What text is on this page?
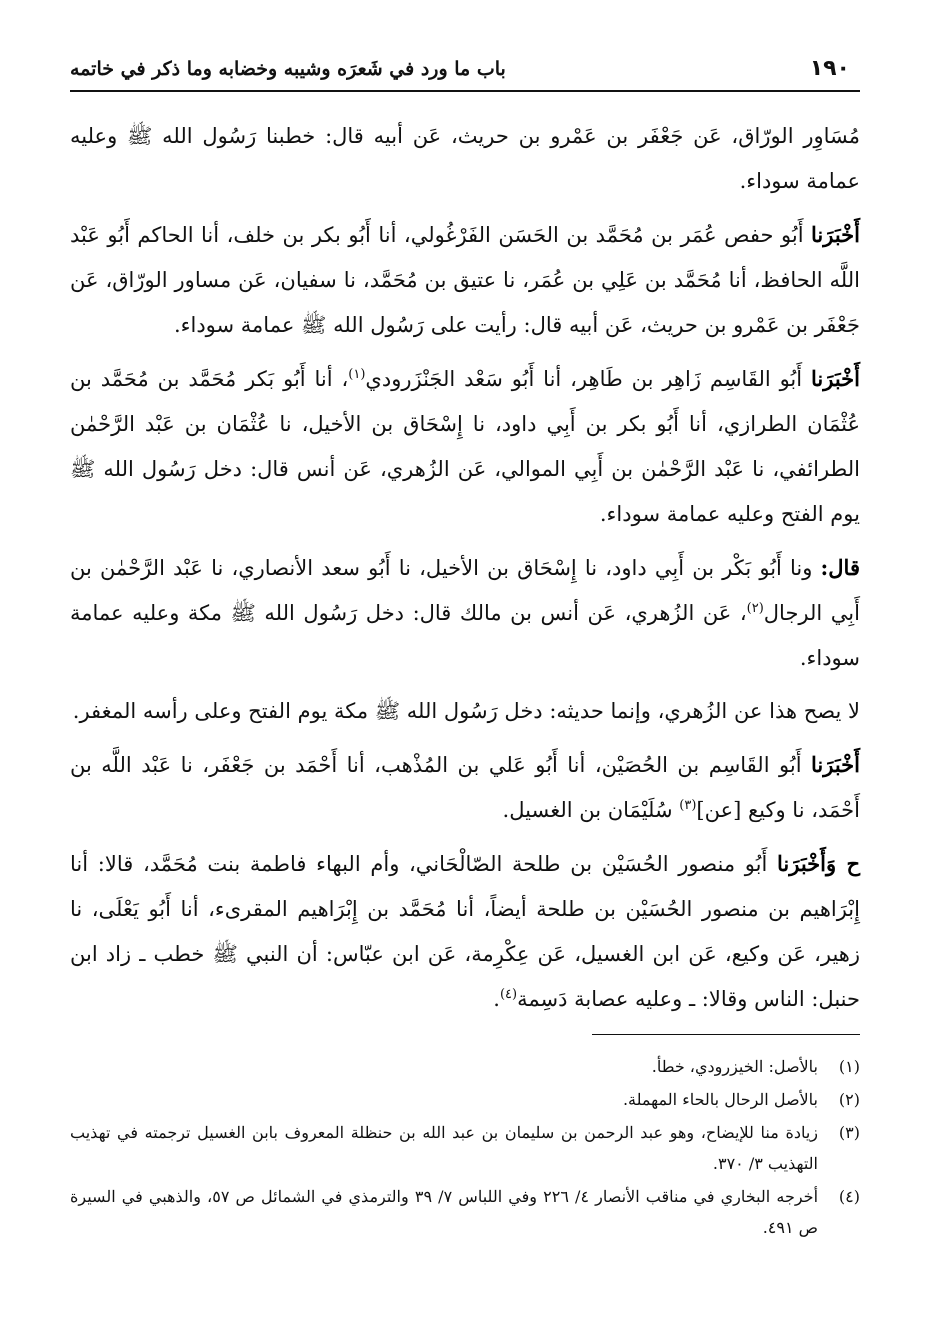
١٩٠
باب ما ورد في شَعرَه وشيبه وخضابه وما ذكر في خاتمه

مُسَاوِر الورّاق، عَن جَعْفَر بن عَمْرو بن حريث، عَن أبيه قال: خطبنا رَسُول الله ﷺ وعليه عمامة سوداء.

أَخْبَرَنا أَبُو حفص عُمَر بن مُحَمَّد بن الحَسَن الفَرْغُولي، أنا أَبُو بكر بن خلف، أنا الحاكم أَبُو عَبْد اللَّه الحافظ، أنا مُحَمَّد بن عَلِي بن عُمَر، نا عتيق بن مُحَمَّد، نا سفيان، عَن مساور الورّاق، عَن جَعْفَر بن عَمْرو بن حريث، عَن أبيه قال: رأيت على رَسُول الله ﷺ عمامة سوداء.

أَخْبَرَنا أَبُو القَاسِم زَاهِر بن طَاهِر، أنا أَبُو سَعْد الجَنْزَرودي$^{(١)}$، أنا أَبُو بَكر مُحَمَّد بن مُحَمَّد بن عُثْمَان الطرازي، أنا أَبُو بكر بن أَبِي داود، نا إِسْحَاق بن الأخيل، نا عُثْمَان بن عَبْد الرَّحْمٰن الطرائفي، نا عَبْد الرَّحْمٰن بن أَبِي الموالي، عَن الزُهري، عَن أنس قال: دخل رَسُول الله ﷺ يوم الفتح وعليه عمامة سوداء.

قال: ونا أَبُو بَكْر بن أَبِي داود، نا إِسْحَاق بن الأخيل، نا أَبُو سعد الأنصاري، نا عَبْد الرَّحْمٰن بن أَبِي الرجال$^{(٢)}$، عَن الزُهري، عَن أنس بن مالك قال: دخل رَسُول الله ﷺ مكة وعليه عمامة سوداء.

لا يصح هذا عن الزُهري، وإنما حديثه: دخل رَسُول الله ﷺ مكة يوم الفتح وعلى رأسه المغفر.

أَخْبَرَنا أَبُو القَاسِم بن الحُصَيْن، أنا أَبُو عَلي بن المُذْهب، أنا أَحْمَد بن جَعْفَر، نا عَبْد اللَّه بن أَحْمَد، نا وكيع [عن]$^{(٣)}$ سُلَيْمَان بن الغسيل.

ح وَأَخْبَرَنا أَبُو منصور الحُسَيْن بن طلحة الصّالْحَاني، وأم البهاء فاطمة بنت مُحَمَّد، قالا: أنا إِبْرَاهيم بن منصور الحُسَيْن بن طلحة أيضاً، أنا مُحَمَّد بن إِبْرَاهيم المقرىء، أنا أَبُو يَعْلَى، نا زهير، عَن وكيع، عَن ابن الغسيل، عَن عِكْرِمة، عَن ابن عبّاس: أن النبي ﷺ خطب ـ زاد ابن حنبل: الناس وقالا: ـ وعليه عصابة دَسِمة$^{(٤)}$.

(١)
بالأصل: الخيزرودي، خطأ.
(٢)
بالأصل الرحال بالحاء المهملة.
(٣)
زيادة منا للإيضاح، وهو عبد الرحمن بن سليمان بن عبد الله بن حنظلة المعروف بابن الغسيل ترجمته في تهذيب التهذيب ٣/ ٣٧٠.
(٤)
أخرجه البخاري في مناقب الأنصار ٤/ ٢٢٦ وفي اللباس ٧/ ٣٩ والترمذي في الشمائل ص ٥٧، والذهبي في السيرة ص ٤٩١.
